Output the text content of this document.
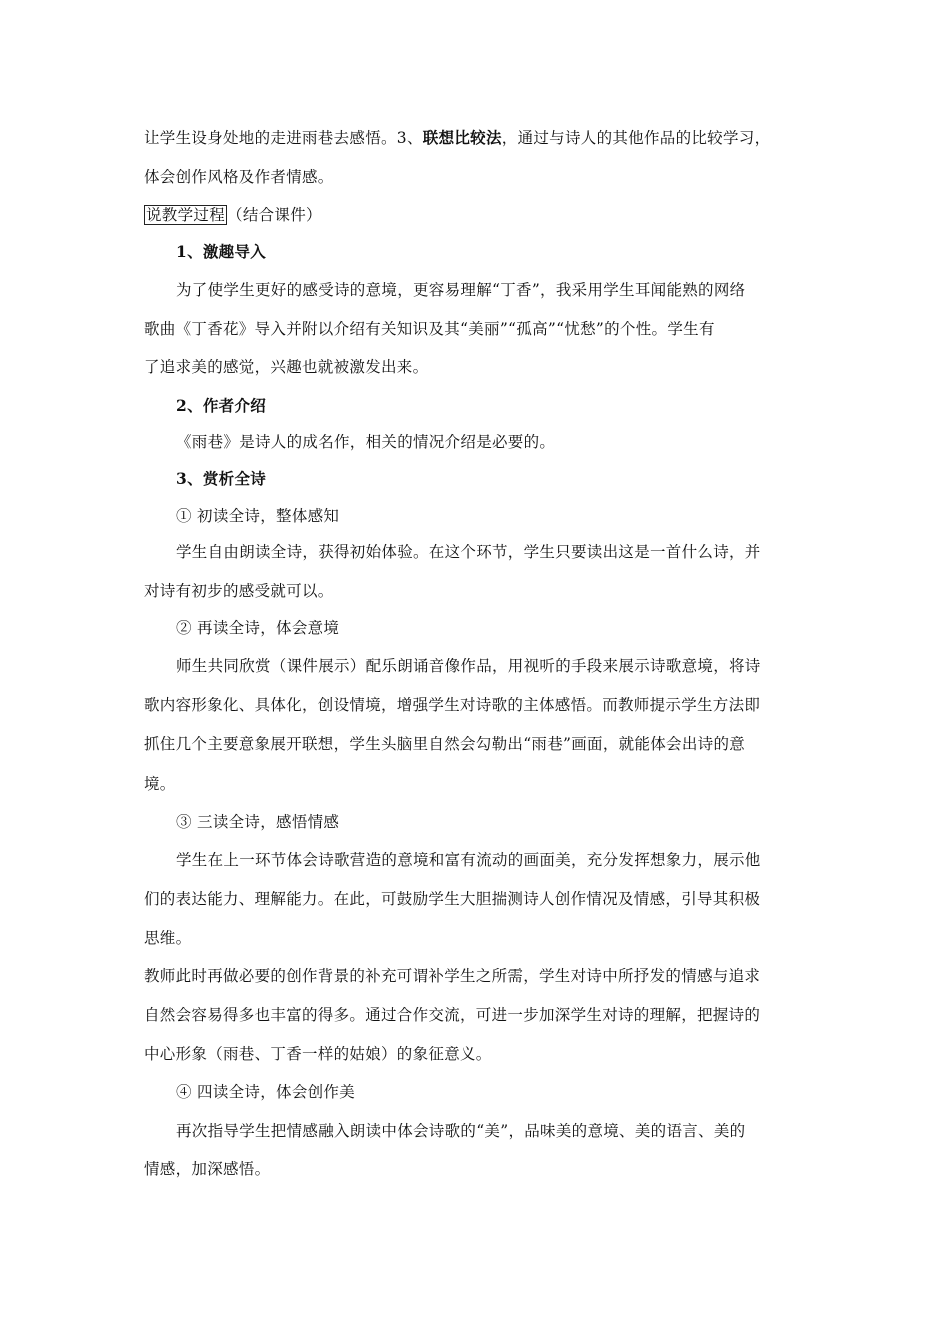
让学生设身处地的走进雨巷去感悟。3、联想比较法，通过与诗人的其他作品的比较学习，
体会创作风格及作者情感。
说教学过程 （结合课件）
1、激趣导入
为了使学生更好的感受诗的意境，更容易理解“丁香”，我采用学生耳闻能熟的网络
歌曲《丁香花》导入并附以介绍有关知识及其“美丽”“孤高”“忧愁”的个性。学生有
了追求美的感觉，兴趣也就被激发出来。
2、作者介绍
《雨巷》是诗人的成名作，相关的情况介绍是必要的。
3、赏析全诗
① 初读全诗，整体感知
学生自由朗读全诗，获得初始体验。在这个环节，学生只要读出这是一首什么诗，并
对诗有初步的感受就可以。
② 再读全诗，体会意境
师生共同欣赏（课件展示）配乐朗诵音像作品，用视听的手段来展示诗歌意境，将诗
歌内容形象化、具体化，创设情境，增强学生对诗歌的主体感悟。而教师提示学生方法即
抓住几个主要意象展开联想，学生头脑里自然会勾勒出“雨巷”画面，就能体会出诗的意
境。
③ 三读全诗，感悟情感
学生在上一环节体会诗歌营造的意境和富有流动的画面美，充分发挥想象力，展示他
们的表达能力、理解能力。在此，可鼓励学生大胆揣测诗人创作情况及情感，引导其积极
思维。
教师此时再做必要的创作背景的补充可谓补学生之所需，学生对诗中所抒发的情感与追求
自然会容易得多也丰富的得多。通过合作交流，可进一步加深学生对诗的理解，把握诗的
中心形象（雨巷、丁香一样的姑娘）的象征意义。
④ 四读全诗，体会创作美
再次指导学生把情感融入朗读中体会诗歌的“美”，品味美的意境、美的语言、美的
情感，加深感悟。
